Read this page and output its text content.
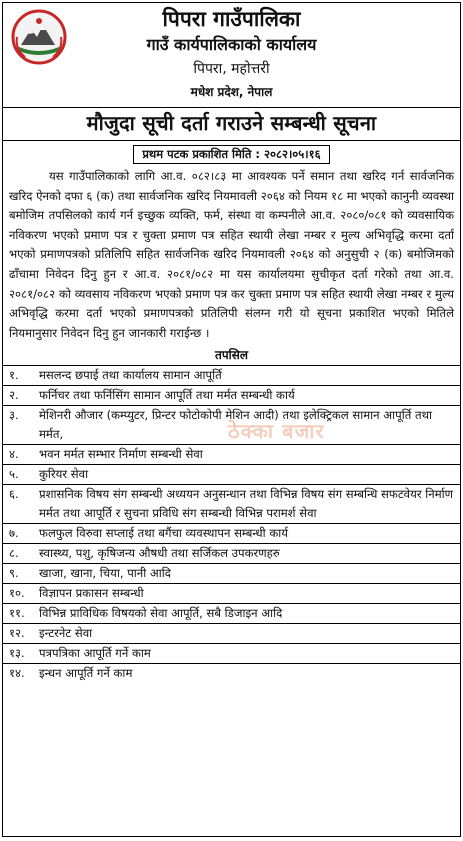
पिपरा गाउँपालिका
गाउँ कार्यपालिकाको कार्यालय
पिपरा, महोत्तरी
मधेश प्रदेश, नेपाल
मौजुदा सूची दर्ता गराउने सम्बन्धी सूचना
प्रथम पटक प्रकाशित मिति : २०८२।०५।१६
यस गाउँपालिकाको लागि आ.व. ०८२।८३ मा आवश्यक पर्ने समान तथा खरिद गर्न सार्वजनिक खरिद ऐनको दफा ६ (क) तथा सार्वजनिक खरिद नियमावली २०६४ को नियम १८ मा भएको कानुनी व्यवस्था बमोजिम तपसिलको कार्य गर्न इच्छुक व्यक्ति, फर्म, संस्था वा कम्पनीले आ.व. २०८०/०८१ को व्यवसायिक नविकरण भएको प्रमाण पत्र र चुक्ता प्रमाण पत्र सहित स्थायी लेखा नम्बर र मुल्य अभिवृद्धि करमा दर्ता भएको प्रमाणपत्रको प्रतिलिपि सहित सार्वजनिक खरिद नियमावली २०६४ को अनुसुची २ (क) बमोजिमको ढाँचामा निवेदन दिनु हुन र आ.व. २०८१/०८२ मा यस कार्यालयमा सुचीकृत दर्ता गरेको तथा आ.व. २०८१/०८२ को व्यवसाय नविकरण भएको प्रमाण पत्र कर चुक्ता प्रमाण पत्र सहित स्थायी लेखा नम्बर र मुल्य अभिवृद्धि करमा दर्ता भएको प्रमाणपत्रको प्रतिलिपी संलग्न गरी यो सूचना प्रकाशित भएको मितिले नियमानुसार निवेदन दिनु हुन जानकारी गराईन्छ ।
ठेक्का बजार
तपसिल
१.	मसलन्द छपाई तथा कार्यालय सामान आपूर्ति
२.	फर्निचर तथा फर्निसिंग सामान आपूर्ति तथा मर्मत सम्बन्धी कार्य
३.	मेशिनरी औजार (कम्प्युटर, प्रिन्टर फोटोकोपी मेशिन आदी) तथा इलेक्ट्रिकल सामान आपूर्ति तथा मर्मत,
४.	भवन मर्मत सम्भार निर्माण सम्बन्धी सेवा
५.	कुरियर सेवा
६.	प्रशासनिक विषय संग सम्बन्धी अध्ययन अनुसन्धान तथा विभिन्न विषय संग सम्बन्धि सफटवेयर निर्माण मर्मत तथा आपूर्ति र सुचना प्रविधि संग सम्बन्धी विभिन्न परामर्श सेवा
७.	फलफुल विरुवा सप्लाई तथा बगैंचा व्यवस्थापन सम्बन्धी कार्य
८.	स्वास्थ्य, पशु, कृषिजन्य औषधी तथा सर्जिकल उपकरणहरु
९.	खाजा, खाना, चिया, पानी आदि
१०.	विज्ञापन प्रकासन सम्बन्धी
११.	विभिन्न प्राविधिक विषयको सेवा आपूर्ति, सबै डिजाइन आदि
१२.	इन्टरनेट सेवा
१३.	पत्रपत्रिका आपूर्ति गर्ने काम
१४.	इन्धन आपूर्ति गर्ने काम
